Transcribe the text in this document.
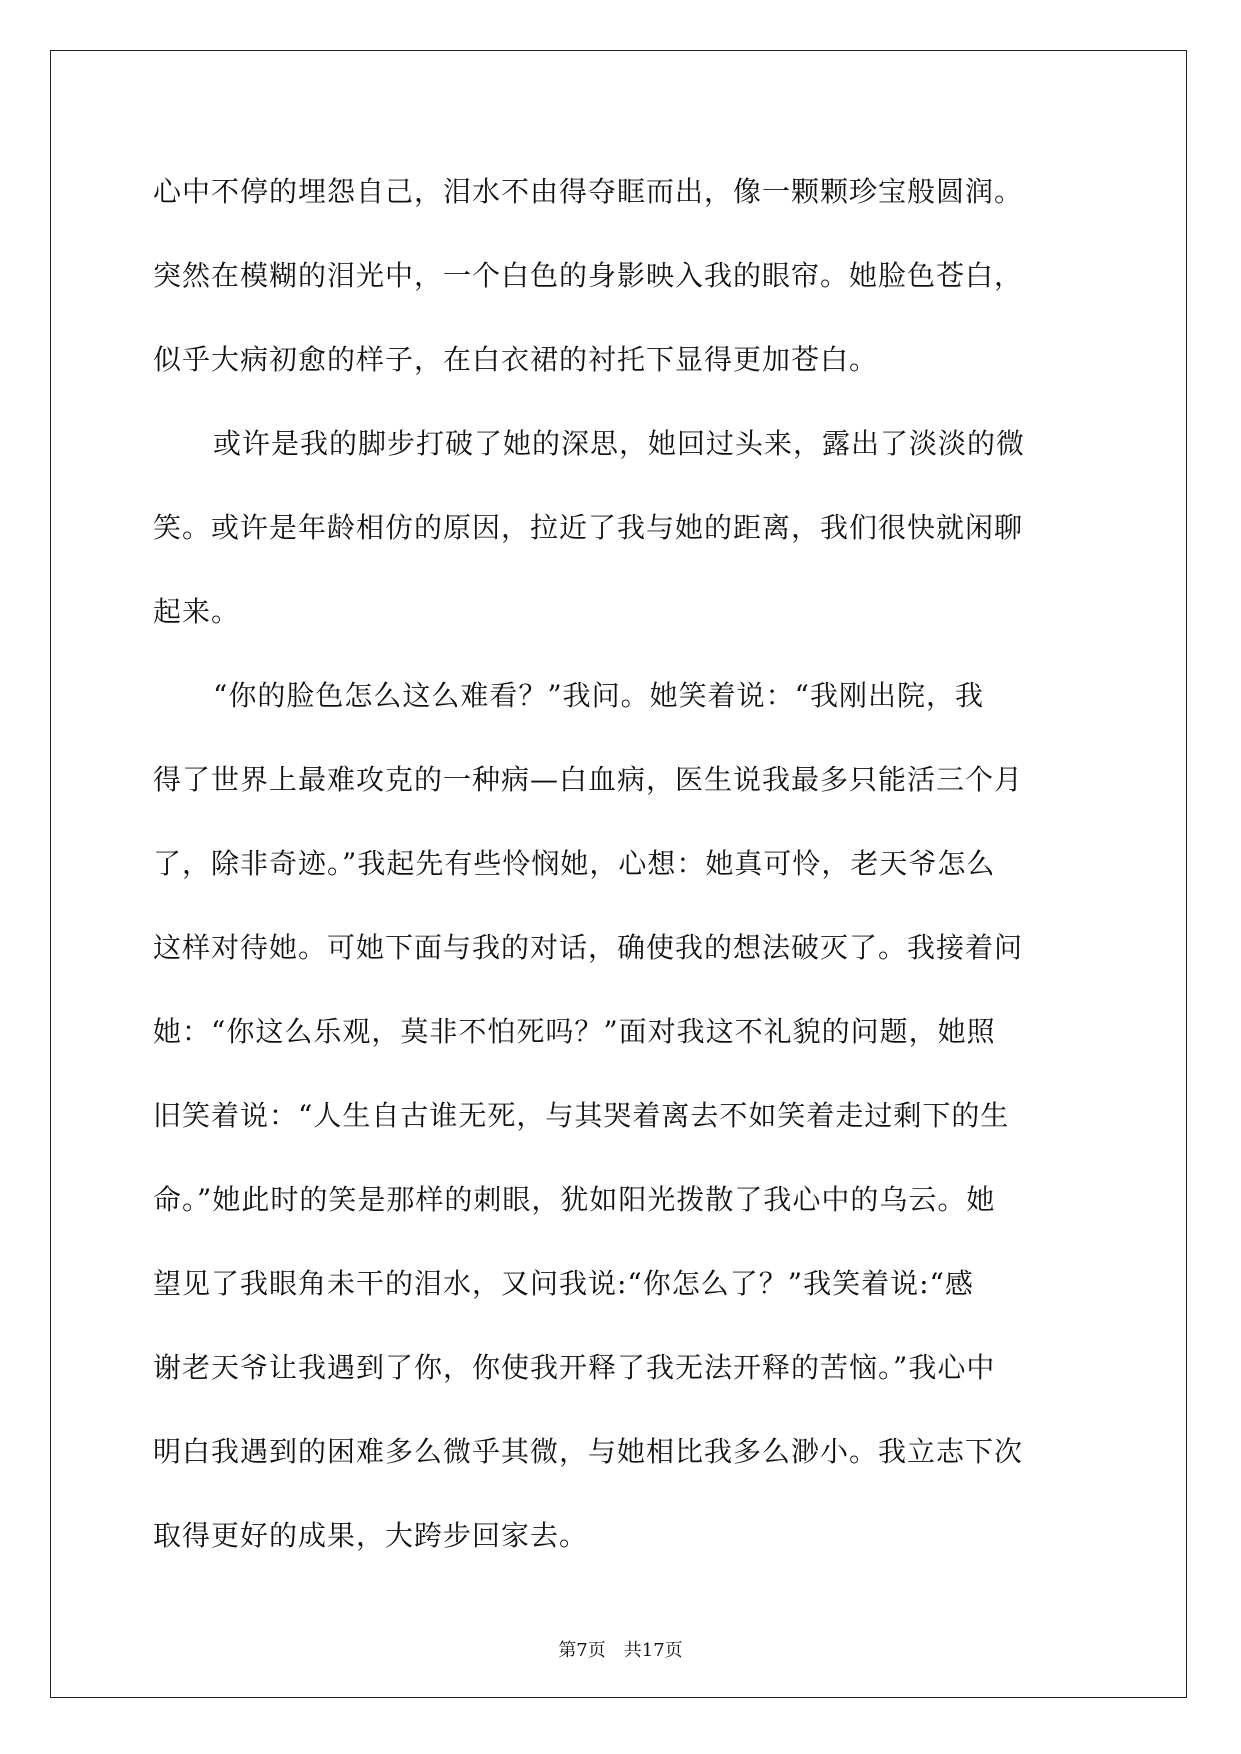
心中不停的埋怨自己，泪水不由得夺眶而出，像一颗颗珍宝般圆润。
突然在模糊的泪光中，一个白色的身影映入我的眼帘。她脸色苍白，
似乎大病初愈的样子，在白衣裙的衬托下显得更加苍白。
或许是我的脚步打破了她的深思，她回过头来，露出了淡淡的微
笑。或许是年龄相仿的原因，拉近了我与她的距离，我们很快就闲聊
起来。
“你的脸色怎么这么难看？”我问。她笑着说：“我刚出院，我
得了世界上最难攻克的一种病—白血病，医生说我最多只能活三个月
了，除非奇迹。”我起先有些怜悯她，心想：她真可怜，老天爷怎么
这样对待她。可她下面与我的对话，确使我的想法破灭了。我接着问
她：“你这么乐观，莫非不怕死吗？”面对我这不礼貌的问题，她照
旧笑着说：“人生自古谁无死，与其哭着离去不如笑着走过剩下的生
命。”她此时的笑是那样的刺眼，犹如阳光拨散了我心中的乌云。她
望见了我眼角未干的泪水，又问我说:“你怎么了？”我笑着说:“感
谢老天爷让我遇到了你，你使我开释了我无法开释的苦恼。”我心中
明白我遇到的困难多么微乎其微，与她相比我多么渺小。我立志下次
取得更好的成果，大跨步回家去。
第7页　共17页
